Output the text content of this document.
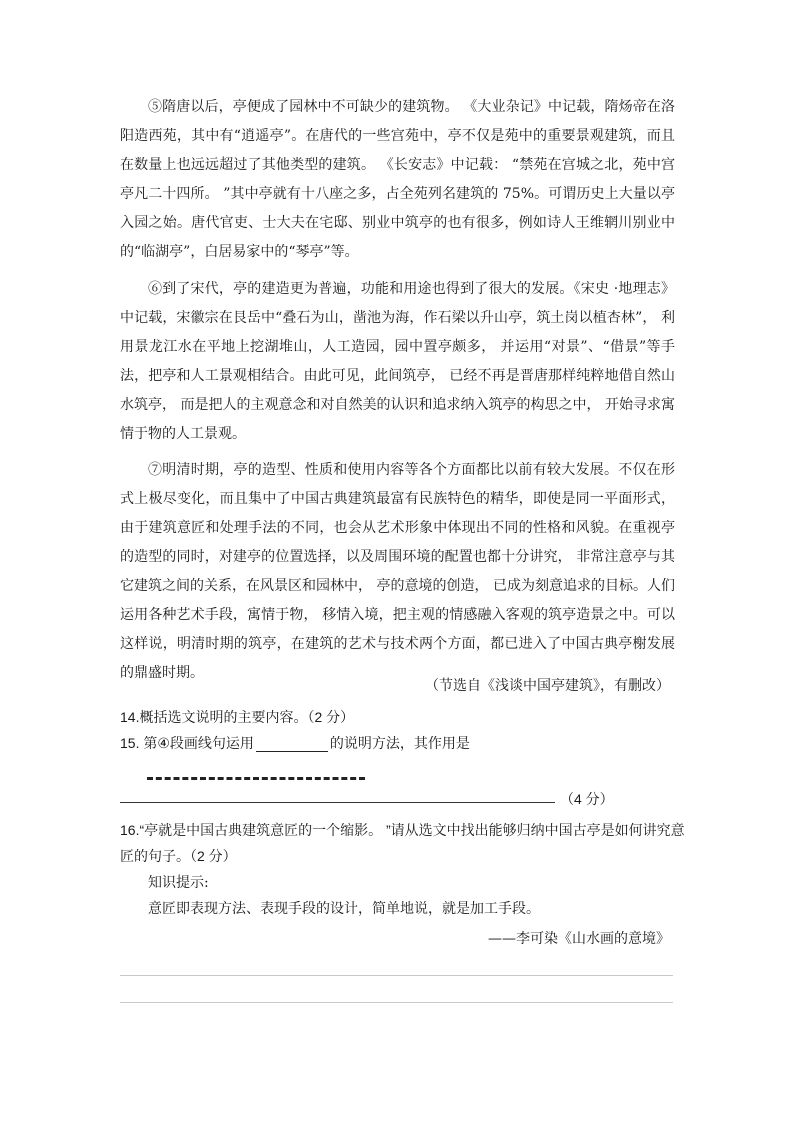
⑤隋唐以后，亭便成了园林中不可缺少的建筑物。 《大业杂记》中记载，隋炀帝在洛阳造西苑，其中有“逍遥亭”。在唐代的一些宫苑中，亭不仅是苑中的重要景观建筑，而且在数量上也远远超过了其他类型的建筑。 《长安志》中记载： “禁苑在宫城之北，苑中宫亭凡二十四所。 ”其中亭就有十八座之多，占全苑列名建筑的 75%。可谓历史上大量以亭入园之始。唐代官吏、士大夫在宅邸、别业中筑亭的也有很多，例如诗人王维辋川别业中的“临湖亭”，白居易家中的“琴亭”等。

⑥到了宋代，亭的建造更为普遍，功能和用途也得到了很大的发展。《宋史 ·地理志》中记载，宋徽宗在艮岳中“叠石为山，凿池为海，作石梁以升山亭，筑土岗以植杏林”， 利用景龙江水在平地上挖湖堆山，人工造园，园中置亭颇多， 并运用“对景”、“借景”等手法，把亭和人工景观相结合。由此可见，此间筑亭， 已经不再是晋唐那样纯粹地借自然山水筑亭， 而是把人的主观意念和对自然美的认识和追求纳入筑亭的构思之中， 开始寻求寓情于物的人工景观。

⑦明清时期，亭的造型、性质和使用内容等各个方面都比以前有较大发展。不仅在形式上极尽变化，而且集中了中国古典建筑最富有民族特色的精华，即使是同一平面形式，由于建筑意匠和处理手法的不同，也会从艺术形象中体现出不同的性格和风貌。在重视亭的造型的同时，对建亭的位置选择，以及周围环境的配置也都十分讲究， 非常注意亭与其它建筑之间的关系，在风景区和园林中， 亭的意境的创造， 已成为刻意追求的目标。人们运用各种艺术手段，寓情于物， 移情入境，把主观的情感融入客观的筑亭造景之中。可以这样说，明清时期的筑亭，在建筑的艺术与技术两个方面，都已进入了中国古典亭榭发展的鼎盛时期。

（节选自《浅谈中国亭建筑》，有删改）
14.概括选文说明的主要内容。（2 分）
15. 第④段画线句运用	的说明方法，其作用是
（4 分）
16.“亭就是中国古典建筑意匠的一个缩影。 ”请从选文中找出能够归纳中国古亭是如何讲究意匠的句子。（2 分）
知识提示:
意匠即表现方法、表现手段的设计，简单地说，就是加工手段。
——李可染《山水画的意境》
